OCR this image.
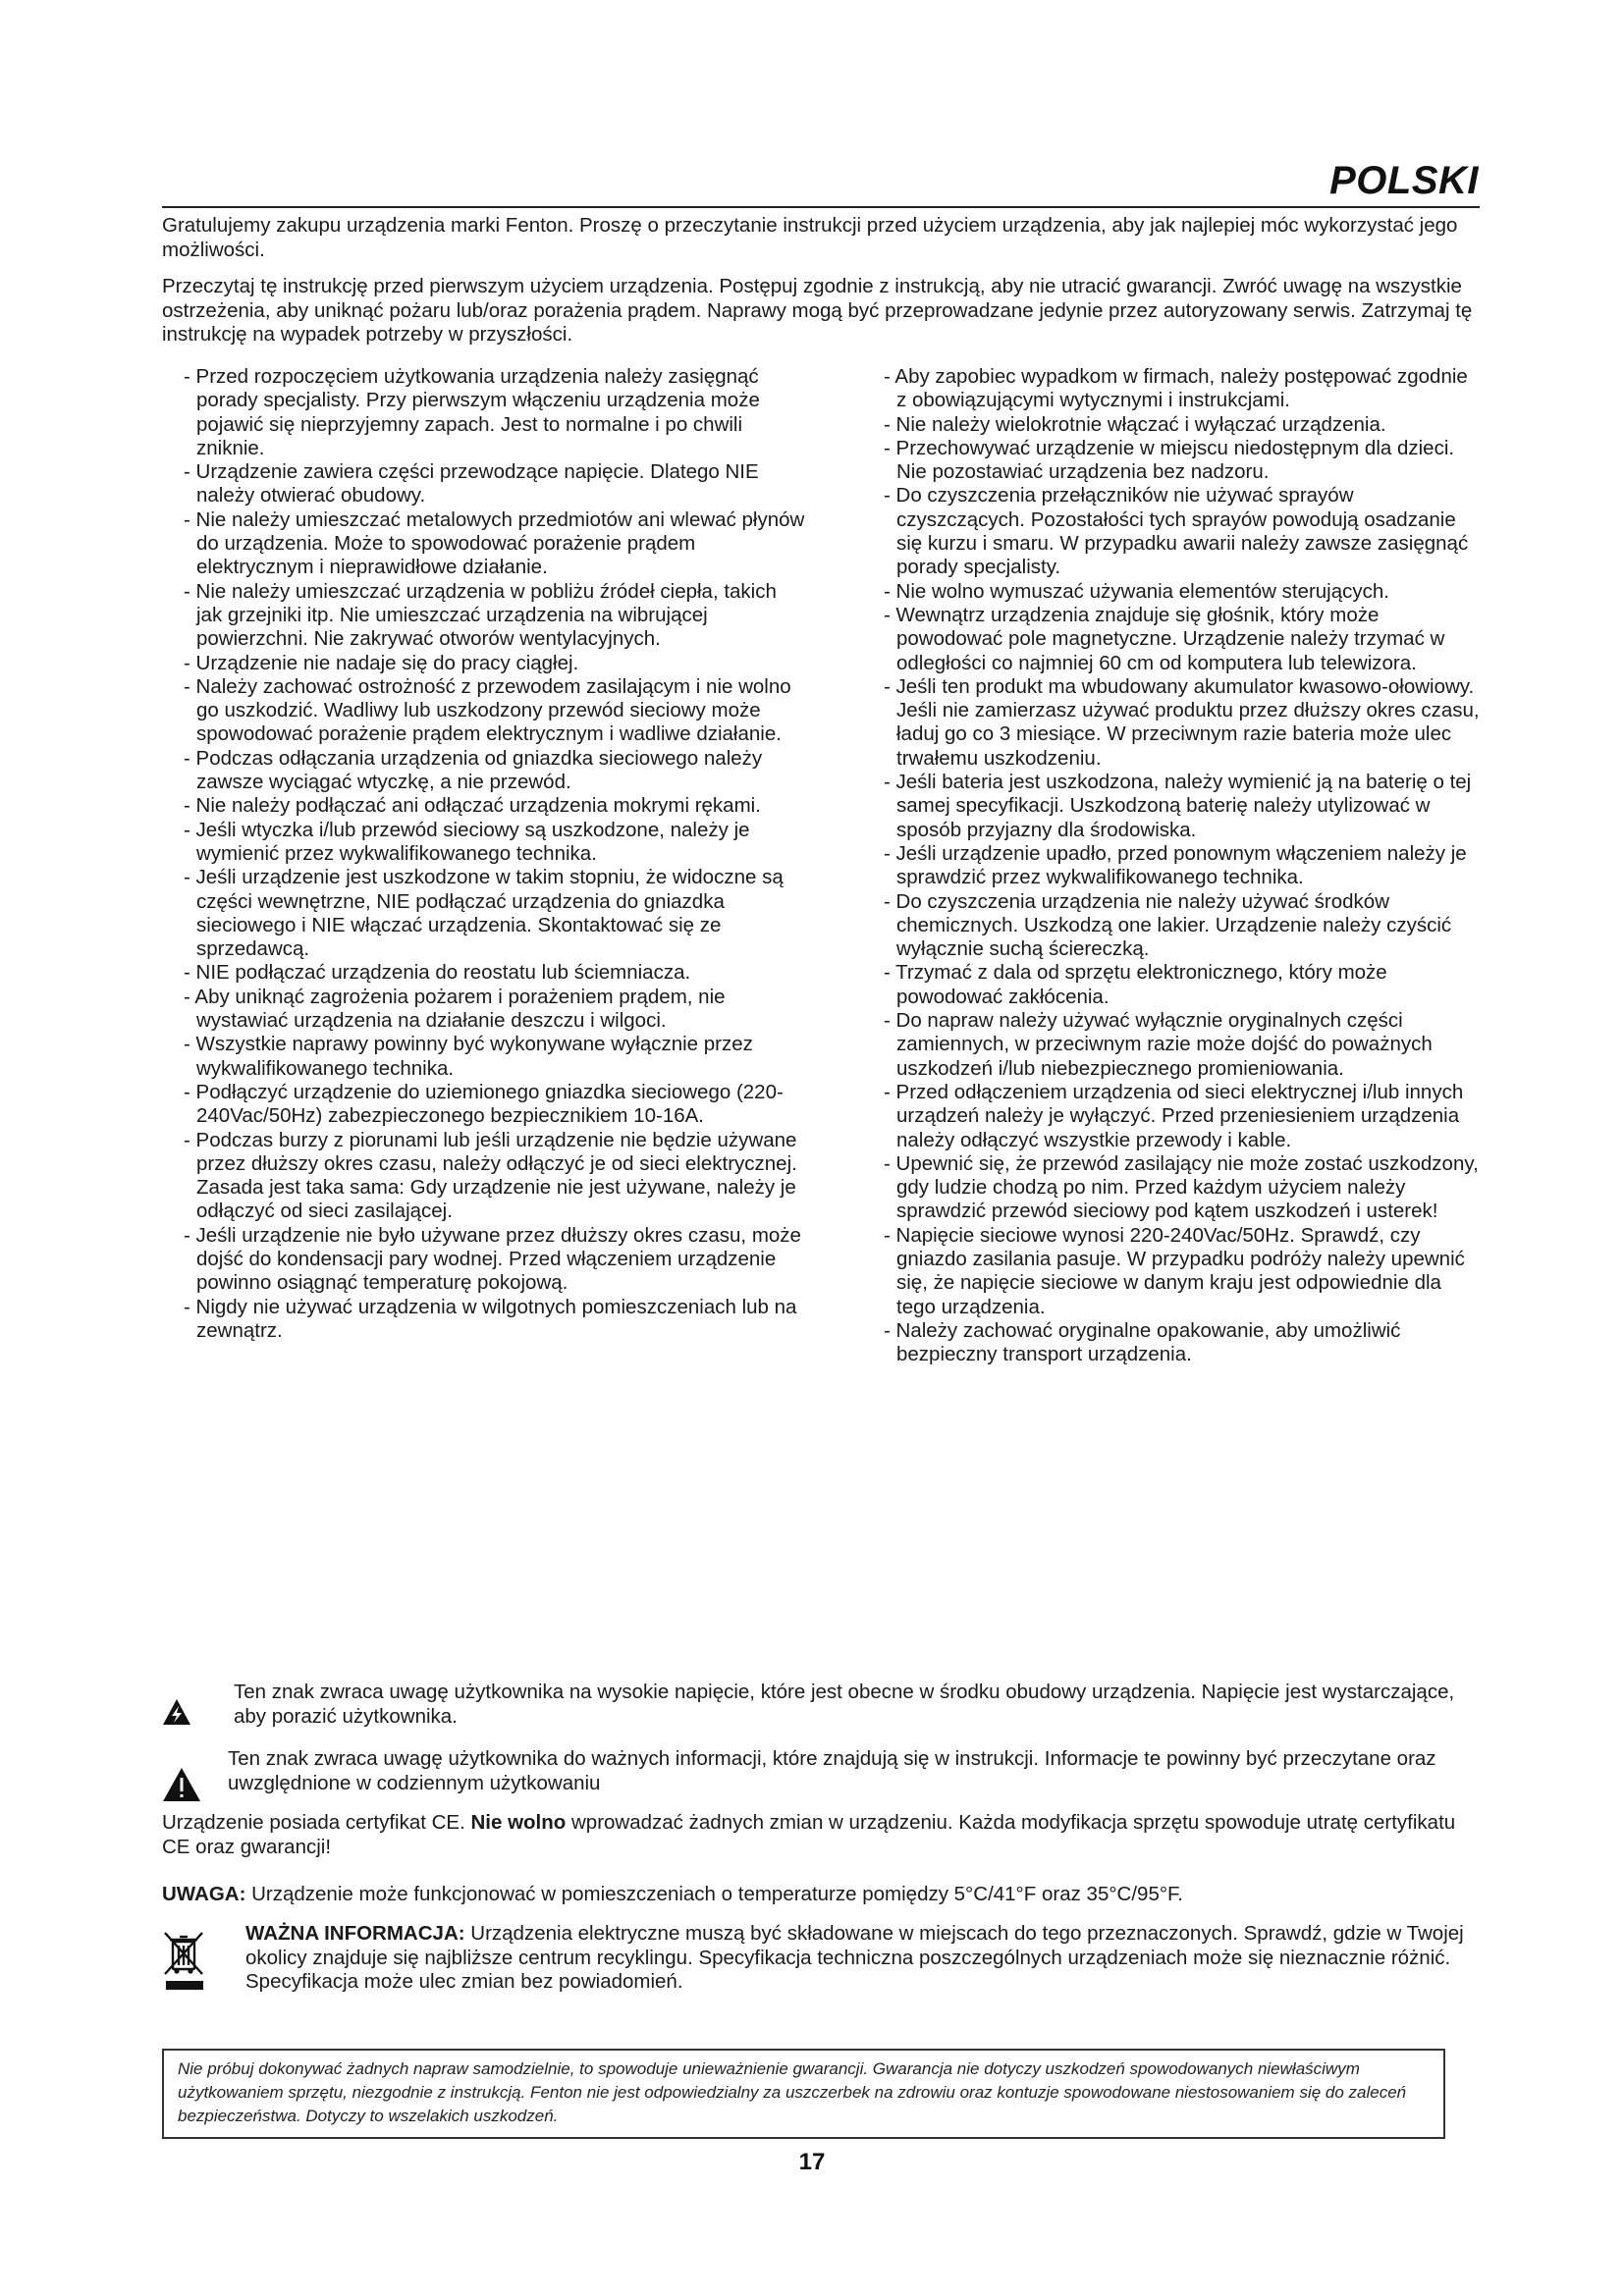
POLSKI

Gratulujemy zakupu urządzenia marki Fenton. Proszę o przeczytanie instrukcji przed użyciem urządzenia, aby jak najlepiej móc wykorzystać jego możliwości.

Przeczytaj tę instrukcję przed pierwszym użyciem urządzenia. Postępuj zgodnie z instrukcją, aby nie utracić gwarancji. Zwróć uwagę na wszystkie ostrzeżenia, aby uniknąć pożaru lub/oraz porażenia prądem. Naprawy mogą być przeprowadzane jedynie przez autoryzowany serwis. Zatrzymaj tę instrukcję na wypadek potrzeby w przyszłości.

- Przed rozpoczęciem użytkowania urządzenia należy zasięgnąć porady specjalisty. Przy pierwszym włączeniu urządzenia może pojawić się nieprzyjemny zapach. Jest to normalne i po chwili zniknie.
- Urządzenie zawiera części przewodzące napięcie. Dlatego NIE należy otwierać obudowy.
- Nie należy umieszczać metalowych przedmiotów ani wlewać płynów do urządzenia. Może to spowodować porażenie prądem elektrycznym i nieprawidłowe działanie.
- Nie należy umieszczać urządzenia w pobliżu źródeł ciepła, takich jak grzejniki itp. Nie umieszczać urządzenia na wibrującej powierzchni. Nie zakrywać otworów wentylacyjnych.
- Urządzenie nie nadaje się do pracy ciągłej.
- Należy zachować ostrożność z przewodem zasilającym i nie wolno go uszkodzić. Wadliwy lub uszkodzony przewód sieciowy może spowodować porażenie prądem elektrycznym i wadliwe działanie.
- Podczas odłączania urządzenia od gniazdka sieciowego należy zawsze wyciągać wtyczkę, a nie przewód.
- Nie należy podłączać ani odłączać urządzenia mokrymi rękami.
- Jeśli wtyczka i/lub przewód sieciowy są uszkodzone, należy je wymienić przez wykwalifikowanego technika.
- Jeśli urządzenie jest uszkodzone w takim stopniu, że widoczne są części wewnętrzne, NIE podłączać urządzenia do gniazdka sieciowego i NIE włączać urządzenia. Skontaktować się ze sprzedawcą.
- NIE podłączać urządzenia do reostatu lub ściemniacza.
- Aby uniknąć zagrożenia pożarem i porażeniem prądem, nie wystawiać urządzenia na działanie deszczu i wilgoci.
- Wszystkie naprawy powinny być wykonywane wyłącznie przez wykwalifikowanego technika.
- Podłączyć urządzenie do uziemionego gniazdka sieciowego (220-240Vac/50Hz) zabezpieczonego bezpiecznikiem 10-16A.
- Podczas burzy z piorunami lub jeśli urządzenie nie będzie używane przez dłuższy okres czasu, należy odłączyć je od sieci elektrycznej. Zasada jest taka sama: Gdy urządzenie nie jest używane, należy je odłączyć od sieci zasilającej.
- Jeśli urządzenie nie było używane przez dłuższy okres czasu, może dojść do kondensacji pary wodnej. Przed włączeniem urządzenie powinno osiągnąć temperaturę pokojową.
- Nigdy nie używać urządzenia w wilgotnych pomieszczeniach lub na zewnątrz.
- Aby zapobiec wypadkom w firmach, należy postępować zgodnie z obowiązującymi wytycznymi i instrukcjami.
- Nie należy wielokrotnie włączać i wyłączać urządzenia.
- Przechowywać urządzenie w miejscu niedostępnym dla dzieci. Nie pozostawiać urządzenia bez nadzoru.
- Do czyszczenia przełączników nie używać sprayów czyszczących. Pozostałości tych sprayów powodują osadzanie się kurzu i smaru. W przypadku awarii należy zawsze zasięgnąć porady specjalisty.
- Nie wolno wymuszać używania elementów sterujących.
- Wewnątrz urządzenia znajduje się głośnik, który może powodować pole magnetyczne. Urządzenie należy trzymać w odległości co najmniej 60 cm od komputera lub telewizora.
- Jeśli ten produkt ma wbudowany akumulator kwasowo-ołowiowy. Jeśli nie zamierzasz używać produktu przez dłuższy okres czasu, ładuj go co 3 miesiące. W przeciwnym razie bateria może ulec trwałemu uszkodzeniu.
- Jeśli bateria jest uszkodzona, należy wymienić ją na baterię o tej samej specyfikacji. Uszkodzoną baterię należy utylizować w sposób przyjazny dla środowiska.
- Jeśli urządzenie upadło, przed ponownym włączeniem należy je sprawdzić przez wykwalifikowanego technika.
- Do czyszczenia urządzenia nie należy używać środków chemicznych. Uszkodzą one lakier. Urządzenie należy czyścić wyłącznie suchą ściereczką.
- Trzymać z dala od sprzętu elektronicznego, który może powodować zakłócenia.
- Do napraw należy używać wyłącznie oryginalnych części zamiennych, w przeciwnym razie może dojść do poważnych uszkodzeń i/lub niebezpiecznego promieniowania.
- Przed odłączeniem urządzenia od sieci elektrycznej i/lub innych urządzeń należy je wyłączyć. Przed przeniesieniem urządzenia należy odłączyć wszystkie przewody i kable.
- Upewnić się, że przewód zasilający nie może zostać uszkodzony, gdy ludzie chodzą po nim. Przed każdym użyciem należy sprawdzić przewód sieciowy pod kątem uszkodzeń i usterek!
- Napięcie sieciowe wynosi 220-240Vac/50Hz. Sprawdź, czy gniazdo zasilania pasuje. W przypadku podróży należy upewnić się, że napięcie sieciowe w danym kraju jest odpowiednie dla tego urządzenia.
- Należy zachować oryginalne opakowanie, aby umożliwić bezpieczny transport urządzenia.

Ten znak zwraca uwagę użytkownika na wysokie napięcie, które jest obecne w środku obudowy urządzenia. Napięcie jest wystarczające, aby porazić użytkownika.

Ten znak zwraca uwagę użytkownika do ważnych informacji, które znajdują się w instrukcji. Informacje te powinny być przeczytane oraz uwzględnione w codziennym użytkowaniu

Urządzenie posiada certyfikat CE. Nie wolno wprowadzać żadnych zmian w urządzeniu. Każda modyfikacja sprzętu spowoduje utratę certyfikatu CE oraz gwarancji!

UWAGA: Urządzenie może funkcjonować w pomieszczeniach o temperaturze pomiędzy 5°C/41°F oraz 35°C/95°F.

WAŻNA INFORMACJA: Urządzenia elektryczne muszą być składowane w miejscach do tego przeznaczonych. Sprawdź, gdzie w Twojej okolicy znajduje się najbliższe centrum recyklingu. Specyfikacja techniczna poszczególnych urządzeniach może się nieznacznie różnić. Specyfikacja może ulec zmian bez powiadomień.

Nie próbuj dokonywać żadnych napraw samodzielnie, to spowoduje unieważnienie gwarancji. Gwarancja nie dotyczy uszkodzeń spowodowanych niewłaściwym użytkowaniem sprzętu, niezgodnie z instrukcją. Fenton nie jest odpowiedzialny za uszczerbek na zdrowiu oraz kontuzje spowodowane niestosowaniem się do zaleceń bezpieczeństwa. Dotyczy to wszelakich uszkodzeń.

17
